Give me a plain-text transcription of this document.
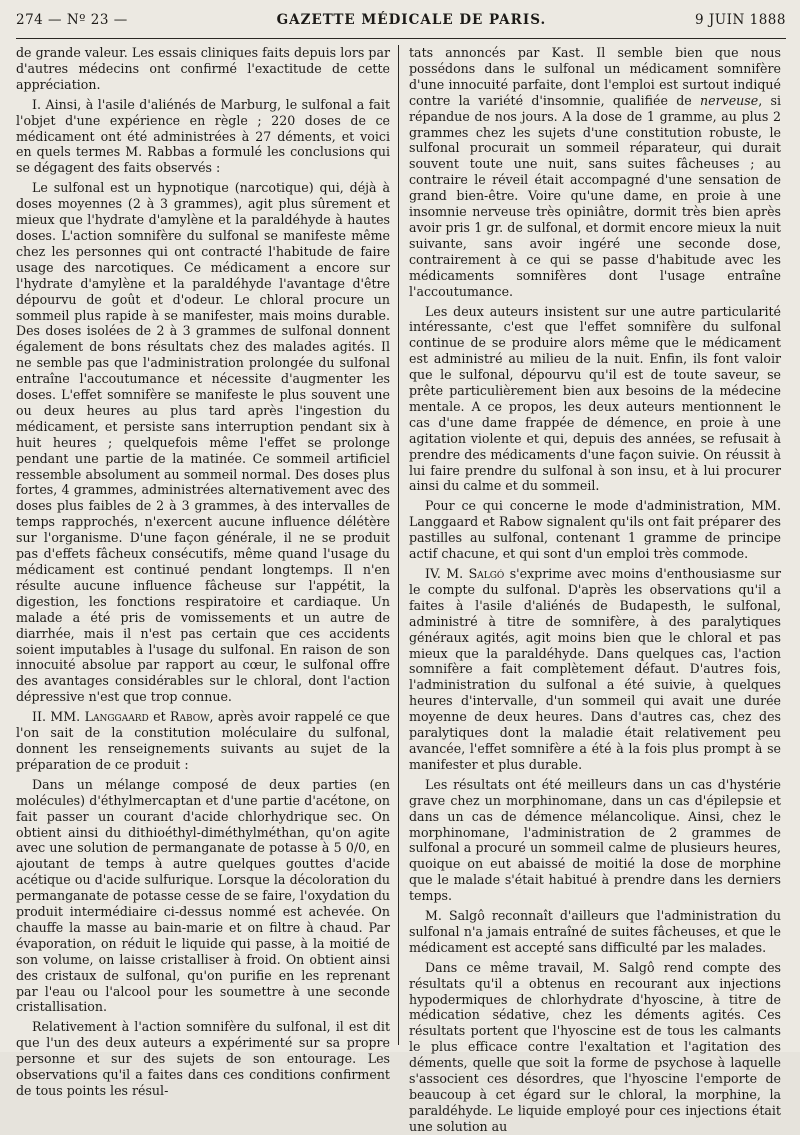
274 — Nº 23 —	GAZETTE MÉDICALE DE PARIS.	9 JUIN 1888

de grande valeur. Les essais cliniques faits depuis lors par d'autres médecins ont confirmé l'exactitude de cette appréciation.

I. Ainsi, à l'asile d'aliénés de Marburg, le sulfonal a fait l'objet d'une expérience en règle ; 220 doses de ce médicament ont été administrées à 27 déments, et voici en quels termes M. Rabbas a formulé les conclusions qui se dégagent des faits observés :

Le sulfonal est un hypnotique (narcotique) qui, déjà à doses moyennes (2 à 3 grammes), agit plus sûrement et mieux que l'hydrate d'amylène et la paraldéhyde à hautes doses. L'action somnifère du sulfonal se manifeste même chez les personnes qui ont contracté l'habitude de faire usage des narcotiques. Ce médicament a encore sur l'hydrate d'amylène et la paraldéhyde l'avantage d'être dépourvu de goût et d'odeur. Le chloral procure un sommeil plus rapide à se manifester, mais moins durable. Des doses isolées de 2 à 3 grammes de sulfonal donnent également de bons résultats chez des malades agités. Il ne semble pas que l'administration prolongée du sulfonal entraîne l'accoutumance et nécessite d'augmenter les doses. L'effet somnifère se manifeste le plus souvent une ou deux heures au plus tard après l'ingestion du médicament, et persiste sans interruption pendant six à huit heures ; quelquefois même l'effet se prolonge pendant une partie de la matinée. Ce sommeil artificiel ressemble absolument au sommeil normal. Des doses plus fortes, 4 grammes, administrées alternativement avec des doses plus faibles de 2 à 3 grammes, à des intervalles de temps rapprochés, n'exercent aucune influence délétère sur l'organisme. D'une façon générale, il ne se produit pas d'effets fâcheux consécutifs, même quand l'usage du médicament est continué pendant longtemps. Il n'en résulte aucune influence fâcheuse sur l'appétit, la digestion, les fonctions respiratoire et cardiaque. Un malade a été pris de vomissements et un autre de diarrhée, mais il n'est pas certain que ces accidents soient imputables à l'usage du sulfonal. En raison de son innocuité absolue par rapport au cœur, le sulfonal offre des avantages considérables sur le chloral, dont l'action dépressive n'est que trop connue.

II. MM. Langgaard et Rabow, après avoir rappelé ce que l'on sait de la constitution moléculaire du sulfonal, donnent les renseignements suivants au sujet de la préparation de ce produit :

Dans un mélange composé de deux parties (en molécules) d'éthylmercaptan et d'une partie d'acétone, on fait passer un courant d'acide chlorhydrique sec. On obtient ainsi du dithioéthyl-diméthylméthan, qu'on agite avec une solution de permanganate de potasse à 5 0/0, en ajoutant de temps à autre quelques gouttes d'acide acétique ou d'acide sulfurique. Lorsque la décoloration du permanganate de potasse cesse de se faire, l'oxydation du produit intermédiaire ci-dessus nommé est achevée. On chauffe la masse au bain-marie et on filtre à chaud. Par évaporation, on réduit le liquide qui passe, à la moitié de son volume, on laisse cristalliser à froid. On obtient ainsi des cristaux de sulfonal, qu'on purifie en les reprenant par l'eau ou l'alcool pour les soumettre à une seconde cristallisation.

Relativement à l'action somnifère du sulfonal, il est dit que l'un des deux auteurs a expérimenté sur sa propre personne et sur des sujets de son entourage. Les observations qu'il a faites dans ces conditions confirment de tous points les résul-

tats annoncés par Kast. Il semble bien que nous possédons dans le sulfonal un médicament somnifère d'une innocuité parfaite, dont l'emploi est surtout indiqué contre la variété d'insomnie, qualifiée de nerveuse, si répandue de nos jours. A la dose de 1 gramme, au plus 2 grammes chez les sujets d'une constitution robuste, le sulfonal procurait un sommeil réparateur, qui durait souvent toute une nuit, sans suites fâcheuses ; au contraire le réveil était accompagné d'une sensation de grand bien-être. Voire qu'une dame, en proie à une insomnie nerveuse très opiniâtre, dormit très bien après avoir pris 1 gr. de sulfonal, et dormit encore mieux la nuit suivante, sans avoir ingéré une seconde dose, contrairement à ce qui se passe d'habitude avec les médicaments somnifères dont l'usage entraîne l'accoutumance.

Les deux auteurs insistent sur une autre particularité intéressante, c'est que l'effet somnifère du sulfonal continue de se produire alors même que le médicament est administré au milieu de la nuit. Enfin, ils font valoir que le sulfonal, dépourvu qu'il est de toute saveur, se prête particulièrement bien aux besoins de la médecine mentale. A ce propos, les deux auteurs mentionnent le cas d'une dame frappée de démence, en proie à une agitation violente et qui, depuis des années, se refusait à prendre des médicaments d'une façon suivie. On réussit à lui faire prendre du sulfonal à son insu, et à lui procurer ainsi du calme et du sommeil.

Pour ce qui concerne le mode d'administration, MM. Langgaard et Rabow signalent qu'ils ont fait préparer des pastilles au sulfonal, contenant 1 gramme de principe actif chacune, et qui sont d'un emploi très commode.

IV. M. Salgó s'exprime avec moins d'enthousiasme sur le compte du sulfonal. D'après les observations qu'il a faites à l'asile d'aliénés de Budapesth, le sulfonal, administré à titre de somnifère, à des paralytiques généraux agités, agit moins bien que le chloral et pas mieux que la paraldéhyde. Dans quelques cas, l'action somnifère a fait complètement défaut. D'autres fois, l'administration du sulfonal a été suivie, à quelques heures d'intervalle, d'un sommeil qui avait une durée moyenne de deux heures. Dans d'autres cas, chez des paralytiques dont la maladie était relativement peu avancée, l'effet somnifère a été à la fois plus prompt à se manifester et plus durable.

Les résultats ont été meilleurs dans un cas d'hystérie grave chez un morphinomane, dans un cas d'épilepsie et dans un cas de démence mélancolique. Ainsi, chez le morphinomane, l'administration de 2 grammes de sulfonal a procuré un sommeil calme de plusieurs heures, quoique on eut abaissé de moitié la dose de morphine que le malade s'était habitué à prendre dans les derniers temps.

M. Salgô reconnaît d'ailleurs que l'administration du sulfonal n'a jamais entraîné de suites fâcheuses, et que le médicament est accepté sans difficulté par les malades.

Dans ce même travail, M. Salgô rend compte des résultats qu'il a obtenus en recourant aux injections hypodermiques de chlorhydrate d'hyoscine, à titre de médication sédative, chez les déments agités. Ces résultats portent que l'hyoscine est de tous les calmants le plus efficace contre l'exaltation et l'agitation des déments, quelle que soit la forme de psychose à laquelle s'associent ces désordres, que l'hyoscine l'emporte de beaucoup à cet égard sur le chloral, la morphine, la paraldéhyde. Le liquide employé pour ces injections était une solution au
